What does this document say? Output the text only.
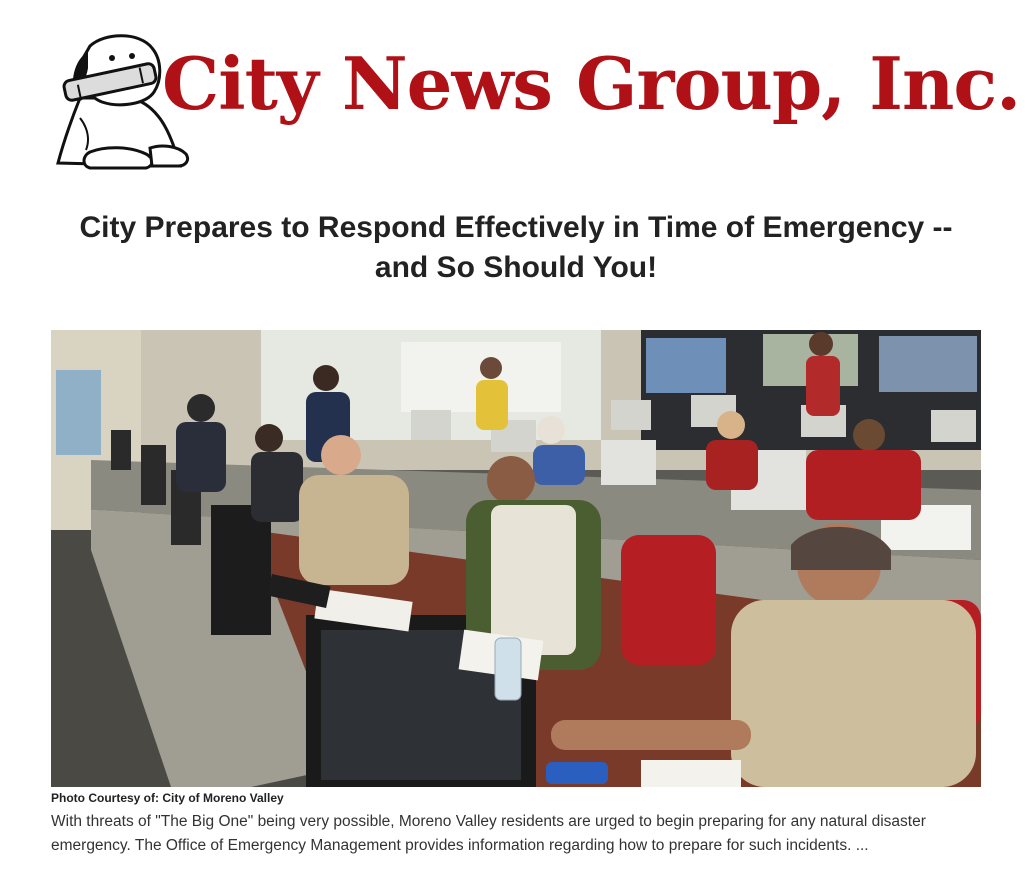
City News Group, Inc.
City Prepares to Respond Effectively in Time of Emergency -- and So Should You!
Photo Courtesy of: City of Moreno Valley

With threats of "The Big One" being very possible, Moreno Valley residents are urged to begin preparing for any natural disaster emergency. The Office of Emergency Management provides information regarding how to prepare for such incidents. ...
